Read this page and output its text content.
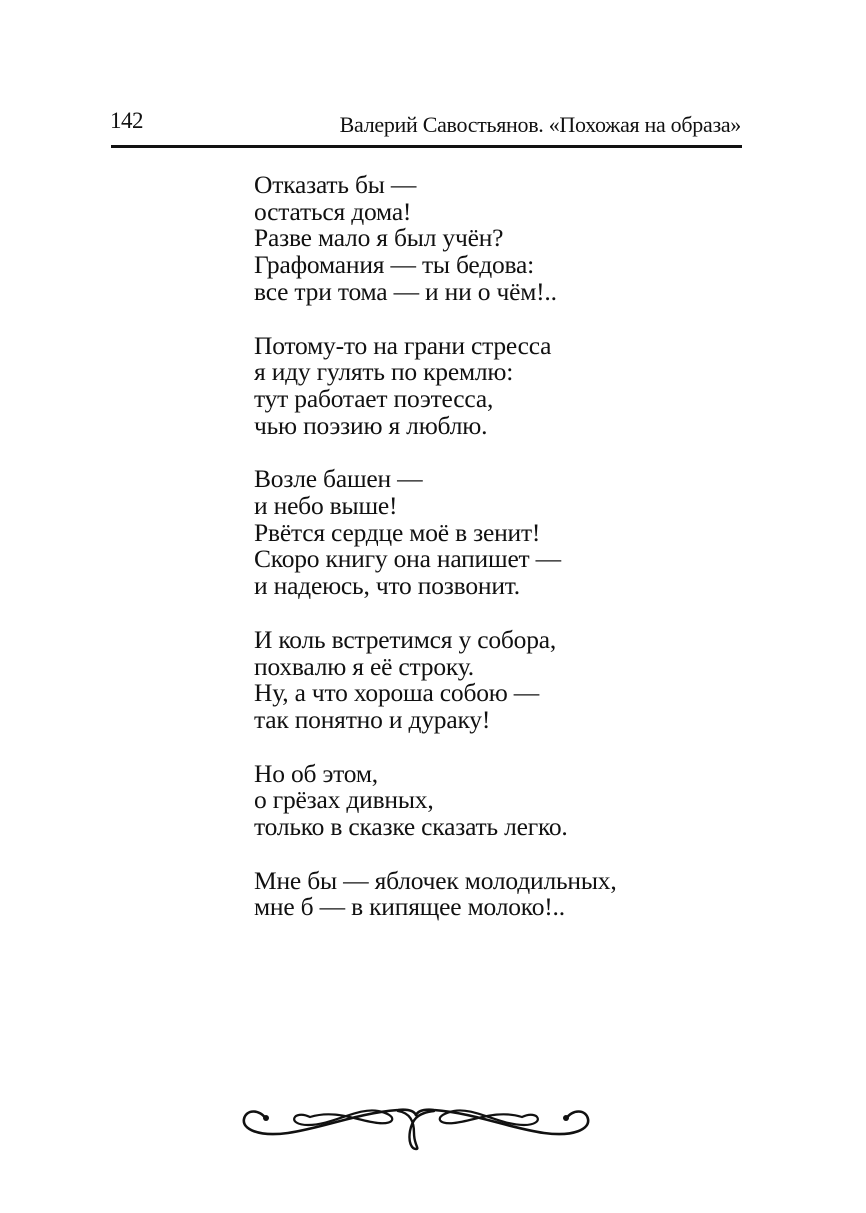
142	Валерий Савостьянов. «Похожая на образа»
Отказать бы —
остаться дома!
Разве мало я был учён?
Графомания — ты бедова:
все три тома — и ни о чём!..
Потому-то на грани стресса
я иду гулять по кремлю:
тут работает поэтесса,
чью поэзию я люблю.
Возле башен —
и небо выше!
Рвётся сердце моё в зенит!
Скоро книгу она напишет —
и надеюсь, что позвонит.
И коль встретимся у собора,
похвалю я её строку.
Ну, а что хороша собою —
так понятно и дураку!
Но об этом,
о грёзах дивных,
только в сказке сказать легко.
Мне бы — яблочек молодильных,
мне б — в кипящее молоко!..
